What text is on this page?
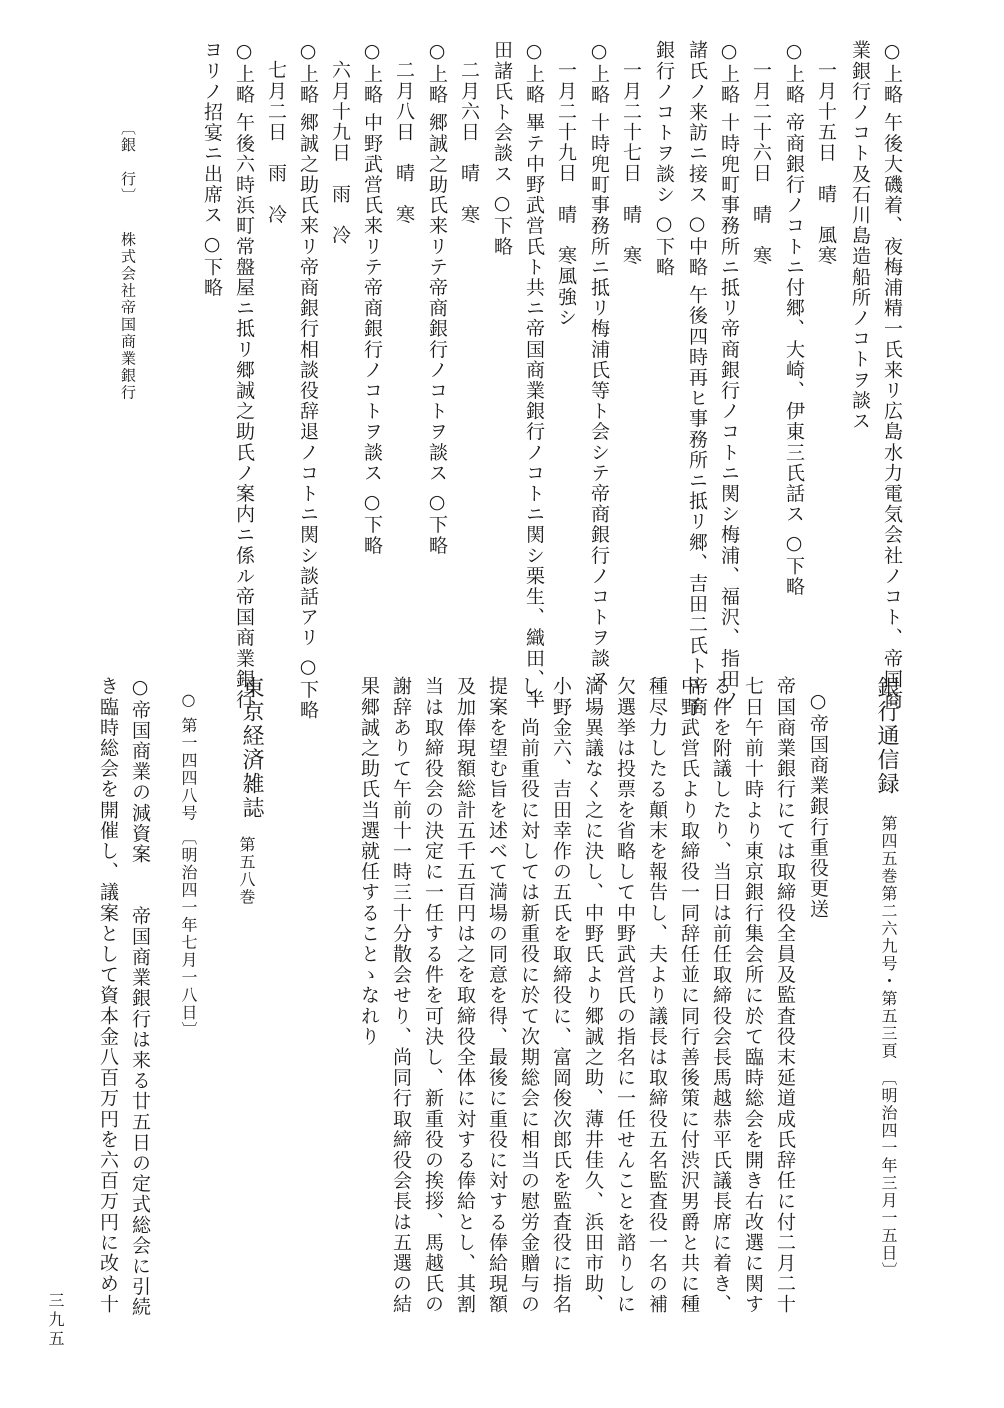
○上略 午後大磯着、夜梅浦精一氏来リ広島水力電気会社ノコト、帝国商
業銀行ノコト及石川島造船所ノコトヲ談ス
一月十五日　晴　風寒
○上略 帝商銀行ノコトニ付郷、大崎、伊東三氏話ス ○下略
一月二十六日　晴　寒
○上略 十時兜町事務所ニ抵リ帝商銀行ノコトニ関シ梅浦、福沢、指田ノ
諸氏ノ来訪ニ接ス ○中略 午後四時再ヒ事務所ニ抵リ郷、吉田二氏ト帝商
銀行ノコトヲ談シ ○下略
一月二十七日　晴　寒
○上略 十時兜町事務所ニ抵リ梅浦氏等ト会シテ帝商銀行ノコトヲ談ス
一月二十九日　晴　寒風強シ
○上略 畢テ中野武営氏ト共ニ帝国商業銀行ノコトニ関シ栗生、織田、半
田諸氏ト会談ス ○下略
二月六日　晴　寒
○上略 郷誠之助氏来リテ帝商銀行ノコトヲ談ス ○下略
二月八日　晴　寒
○上略 中野武営氏来リテ帝商銀行ノコトヲ談ス ○下略
六月十九日　雨　冷
○上略 郷誠之助氏来リ帝商銀行相談役辞退ノコトニ関シ談話アリ ○下略
七月二日　雨　冷
○上略 午後六時浜町常盤屋ニ抵リ郷誠之助氏ノ案内ニ係ル帝国商業銀行
ヨリノ招宴ニ出席ス ○下略
〔銀　行〕　　株式会社帝国商業銀行
銀行通信録
第四五巻第二六九号・第五三頁　〔明治四一年三月一五日〕
○帝国商業銀行重役更送
帝国商業銀行にては取締役全員及監査役末延道成氏辞任に付二月二十
七日午前十時より東京銀行集会所に於て臨時総会を開き右改選に関す
る件を附議したり、当日は前任取締役会長馬越恭平氏議長席に着き、
中野武営氏より取締役一同辞任並に同行善後策に付渋沢男爵と共に種
種尽力したる顛末を報告し、夫より議長は取締役五名監査役一名の補
欠選挙は投票を省略して中野武営氏の指名に一任せんことを諮りしに
満場異議なく之に決し、中野氏より郷誠之助、薄井佳久、浜田市助、
小野金六、吉田幸作の五氏を取締役に、富岡俊次郎氏を監査役に指名
し、尚前重役に対しては新重役に於て次期総会に相当の慰労金贈与の
提案を望む旨を述べて満場の同意を得、最後に重役に対する俸給現額
及加俸現額総計五千五百円は之を取締役全体に対する俸給とし、其割
当は取締役会の決定に一任する件を可決し、新重役の挨拶、馬越氏の
謝辞ありて午前十一時三十分散会せり、尚同行取締役会長は五選の結
果郷誠之助氏当選就任することゝなれり
東京経済雑誌
第五八巻
○ 第一四四八号 〔明治四一年七月一八日〕
○帝国商業の減資案　　帝国商業銀行は来る廿五日の定式総会に引続
き臨時総会を開催し、議案として資本金八百万円を六百万円に改め十
三九五
